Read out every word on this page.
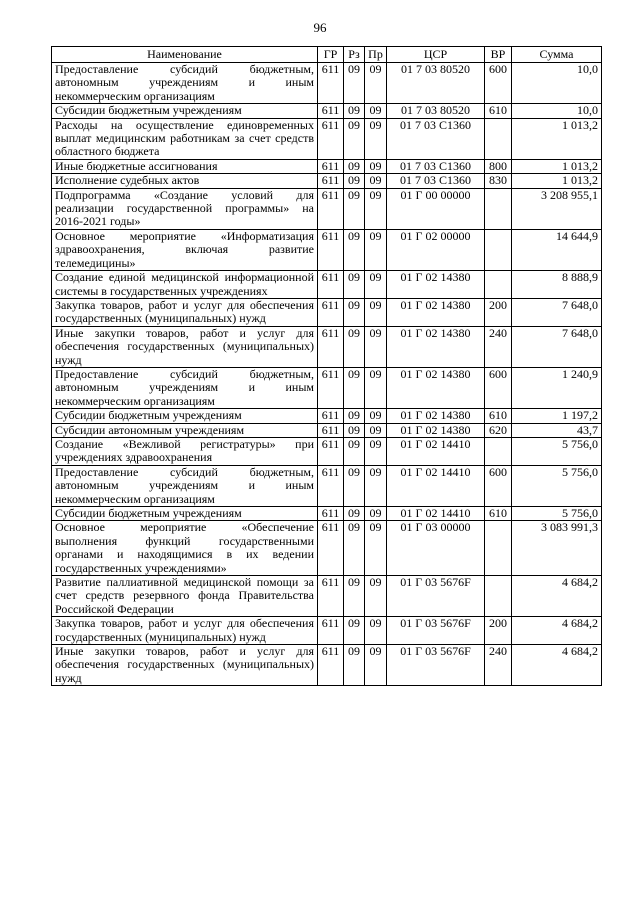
96
Наименование	ГР	Рз	Пр	ЦСР	ВР	Сумма
Предоставление субсидий бюджетным, автономным учреждениям и иным некоммерческим организациям	611	09	09	01 7 03 80520	600	10,0
Субсидии бюджетным учреждениям	611	09	09	01 7 03 80520	610	10,0
Расходы на осуществление единовременных выплат медицинским работникам за счет средств областного бюджета	611	09	09	01 7 03 С1360		1 013,2
Иные бюджетные ассигнования	611	09	09	01 7 03 С1360	800	1 013,2
Исполнение судебных актов	611	09	09	01 7 03 С1360	830	1 013,2
Подпрограмма «Создание условий для реализации государственной программы» на 2016-2021 годы»	611	09	09	01 Г 00 00000		3 208 955,1
Основное мероприятие «Информатизация здравоохранения, включая развитие телемедицины»	611	09	09	01 Г 02 00000		14 644,9
Создание единой медицинской информационной системы в государственных учреждениях	611	09	09	01 Г 02 14380		8 888,9
Закупка товаров, работ и услуг для обеспечения государственных (муниципальных) нужд	611	09	09	01 Г 02 14380	200	7 648,0
Иные закупки товаров, работ и услуг для обеспечения государственных (муниципальных) нужд	611	09	09	01 Г 02 14380	240	7 648,0
Предоставление субсидий бюджетным, автономным учреждениям и иным некоммерческим организациям	611	09	09	01 Г 02 14380	600	1 240,9
Субсидии бюджетным учреждениям	611	09	09	01 Г 02 14380	610	1 197,2
Субсидии автономным учреждениям	611	09	09	01 Г 02 14380	620	43,7
Создание «Вежливой регистратуры» при учреждениях здравоохранения	611	09	09	01 Г 02 14410		5 756,0
Предоставление субсидий бюджетным, автономным учреждениям и иным некоммерческим организациям	611	09	09	01 Г 02 14410	600	5 756,0
Субсидии бюджетным учреждениям	611	09	09	01 Г 02 14410	610	5 756,0
Основное мероприятие «Обеспечение выполнения функций государственными органами и находящимися в их ведении государственных учреждениями»	611	09	09	01 Г 03 00000		3 083 991,3
Развитие паллиативной медицинской помощи за счет средств резервного фонда Правительства Российской Федерации	611	09	09	01 Г 03 5676F		4 684,2
Закупка товаров, работ и услуг для обеспечения государственных (муниципальных) нужд	611	09	09	01 Г 03 5676F	200	4 684,2
Иные закупки товаров, работ и услуг для обеспечения государственных (муниципальных) нужд	611	09	09	01 Г 03 5676F	240	4 684,2
